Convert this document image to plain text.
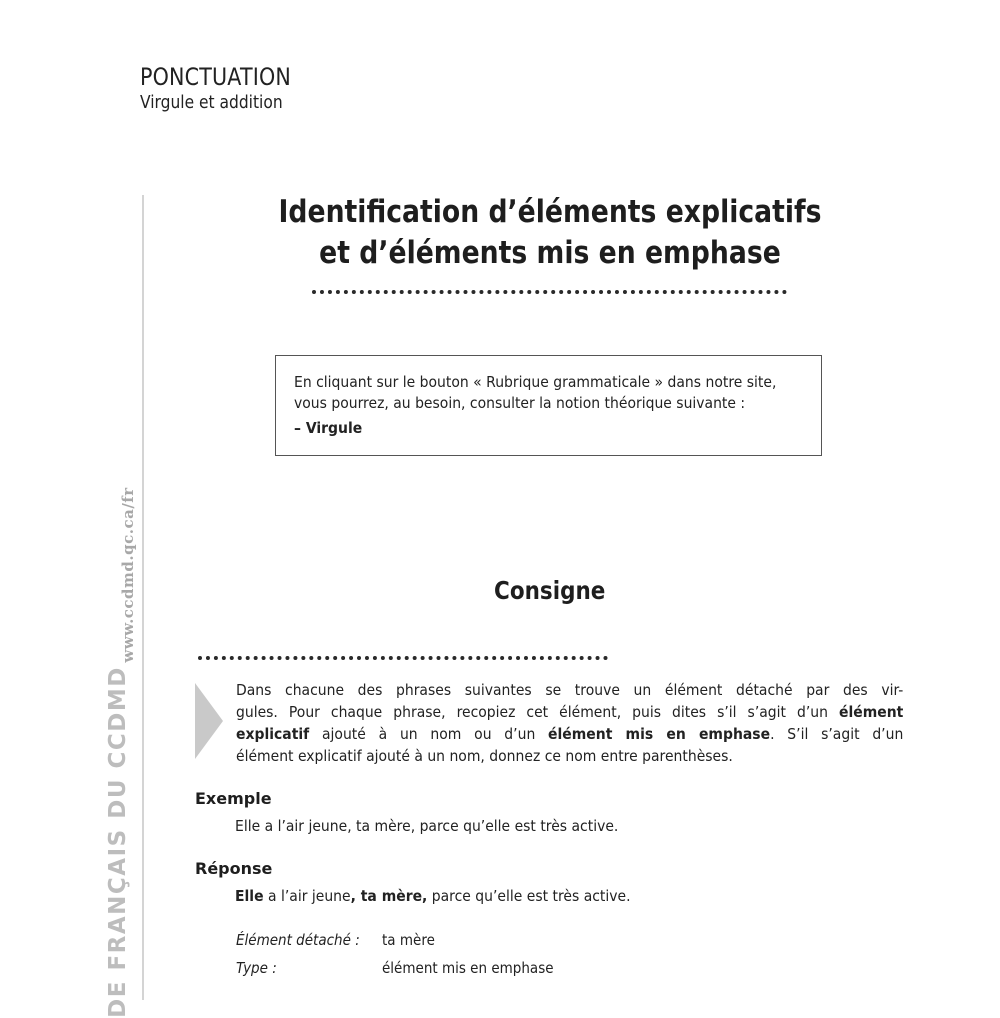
PONCTUATION
Virgule et addition
www.ccdmd.qc.ca/fr
DE FRANÇAIS DU CCDMD
Identification d’éléments explicatifs
et d’éléments mis en emphase
En cliquant sur le bouton « Rubrique grammaticale » dans notre site,
vous pourrez, au besoin, consulter la notion théorique suivante :
– Virgule
Consigne
Dans chacune des phrases suivantes se trouve un élément détaché par des vir-
gules. Pour chaque phrase, recopiez cet élément, puis dites s’il s’agit d’un élément
explicatif ajouté à un nom ou d’un élément mis en emphase. S’il s’agit d’un
élément explicatif ajouté à un nom, donnez ce nom entre parenthèses.
Exemple
Elle a l’air jeune, ta mère, parce qu’elle est très active.
Réponse
Elle a l’air jeune, ta mère, parce qu’elle est très active.
Élément détaché : ta mère
Type :	élément mis en emphase
